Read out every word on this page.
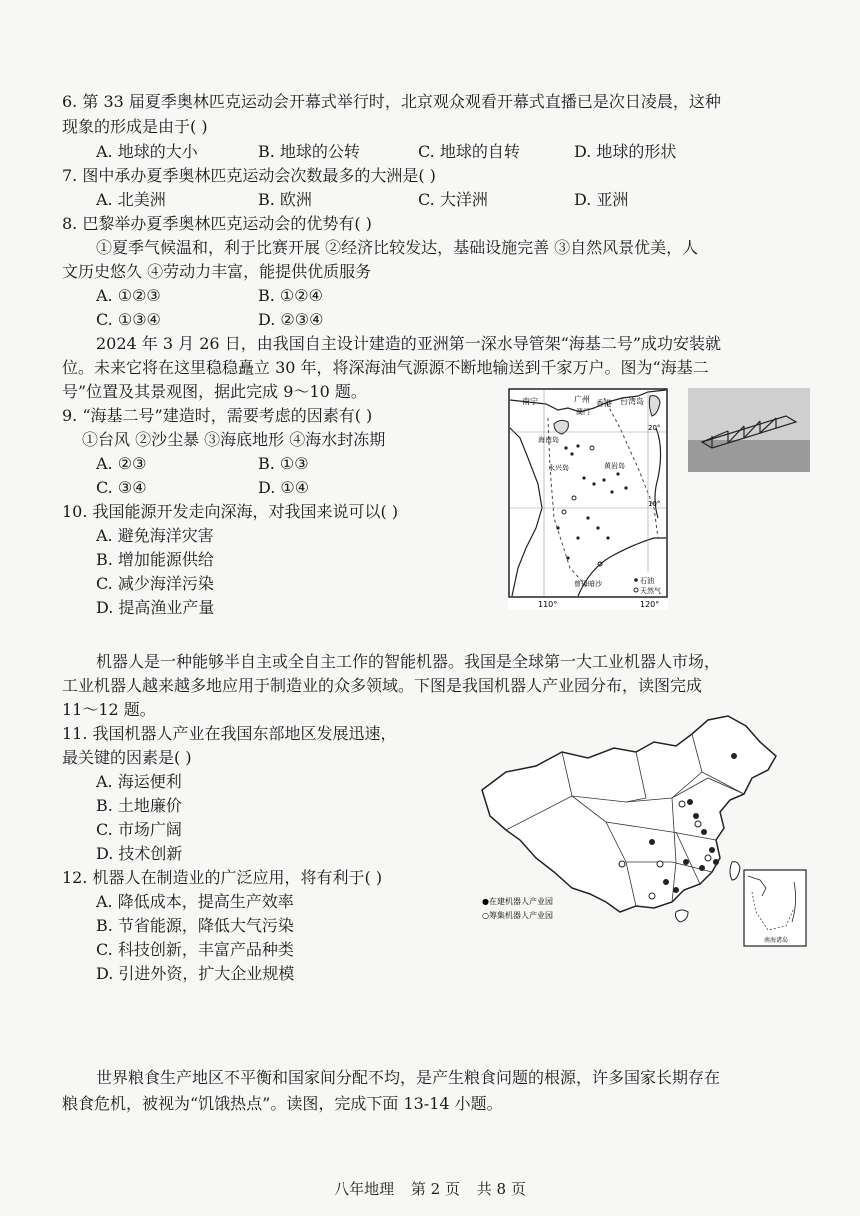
6. 第 33 届夏季奥林匹克运动会开幕式举行时，北京观众观看开幕式直播已是次日凌晨，这种
现象的形成是由于( )
A. 地球的大小	B. 地球的公转	C. 地球的自转	D. 地球的形状
7. 图中承办夏季奥林匹克运动会次数最多的大洲是( )
A. 北美洲	B. 欧洲	C. 大洋洲	D. 亚洲
8. 巴黎举办夏季奥林匹克运动会的优势有( )
①夏季气候温和，利于比赛开展 ②经济比较发达，基础设施完善 ③自然风景优美，人
文历史悠久 ④劳动力丰富，能提供优质服务
A. ①②③	B. ①②④
C. ①③④	D. ②③④
2024 年 3 月 26 日，由我国自主设计建造的亚洲第一深水导管架“海基二号”成功安装就
位。未来它将在这里稳稳矗立 30 年，将深海油气源源不断地输送到千家万户。图为“海基二
号”位置及其景观图，据此完成 9～10 题。
9. “海基二号”建造时，需要考虑的因素有( )
①台风 ②沙尘暴 ③海底地形 ④海水封冻期
A. ②③	B. ①③
C. ③④	D. ①④
10. 我国能源开发走向深海，对我国来说可以( )
A. 避免海洋灾害
B. 增加能源供给
C. 减少海洋污染
D. 提高渔业产量
南宁	广州 香港
澳门
台湾岛
海南岛
永兴岛	黄岩岛
曾母暗沙
20°
10°
110°	120°
石油
天然气
机器人是一种能够半自主或全自主工作的智能机器。我国是全球第一大工业机器人市场，
工业机器人越来越多地应用于制造业的众多领域。下图是我国机器人产业园分布，读图完成
11～12 题。
11. 我国机器人产业在我国东部地区发展迅速，
最关键的因素是( )
A. 海运便利
B. 土地廉价
C. 市场广阔
D. 技术创新
12. 机器人在制造业的广泛应用，将有利于( )
A. 降低成本，提高生产效率
B. 节省能源，降低大气污染
C. 科技创新，丰富产品种类
D. 引进外资，扩大企业规模
●在建机器人产业园
○筹集机器人产业园
南海诸岛
世界粮食生产地区不平衡和国家间分配不均，是产生粮食问题的根源，许多国家长期存在
粮食危机，被视为“饥饿热点”。读图，完成下面 13-14 小题。
八年地理 第 2 页 共 8 页
